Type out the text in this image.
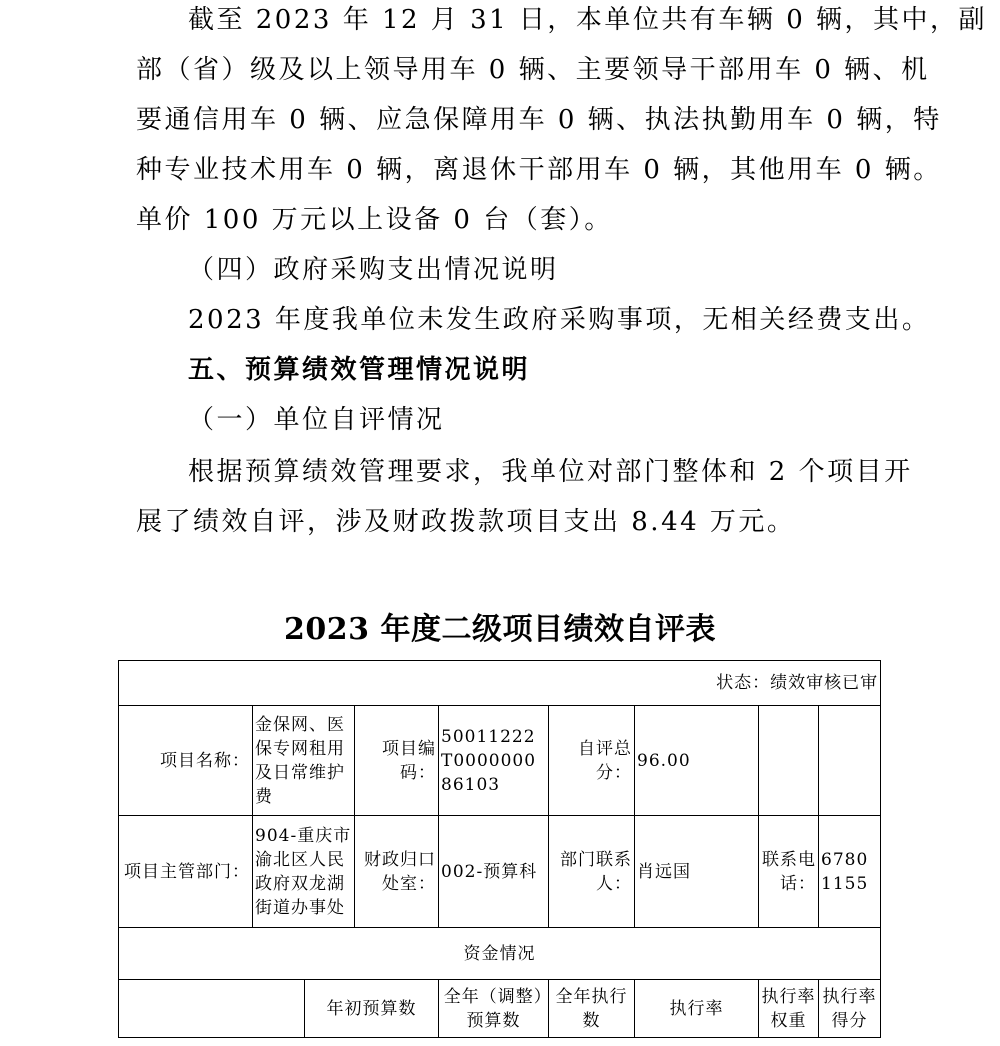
截至 2023 年 12 月 31 日，本单位共有车辆 0 辆，其中，副
部（省）级及以上领导用车 0 辆、主要领导干部用车 0 辆、机
要通信用车 0 辆、应急保障用车 0 辆、执法执勤用车 0 辆，特
种专业技术用车 0 辆，离退休干部用车 0 辆，其他用车 0 辆。
单价 100 万元以上设备 0 台（套）。
（四）政府采购支出情况说明
2023 年度我单位未发生政府采购事项，无相关经费支出。
五、预算绩效管理情况说明
（一）单位自评情况
根据预算绩效管理要求，我单位对部门整体和 2 个项目开
展了绩效自评，涉及财政拨款项目支出 8.44 万元。
2023 年度二级项目绩效自评表
状态：绩效审核已审								
项目名称：	金保网、医保专网租用及日常维护费		项目编码：	50011222T000000086103	自评总分：	96.00		
项目主管部门：	904-重庆市渝北区人民政府双龙湖街道办事处		财政归口处室：	002-预算科	部门联系人：	肖远国	联系电话：	67801155
资金情况								
		年初预算数		全年（调整）预算数	全年执行数	执行率	执行率权重	执行率得分
